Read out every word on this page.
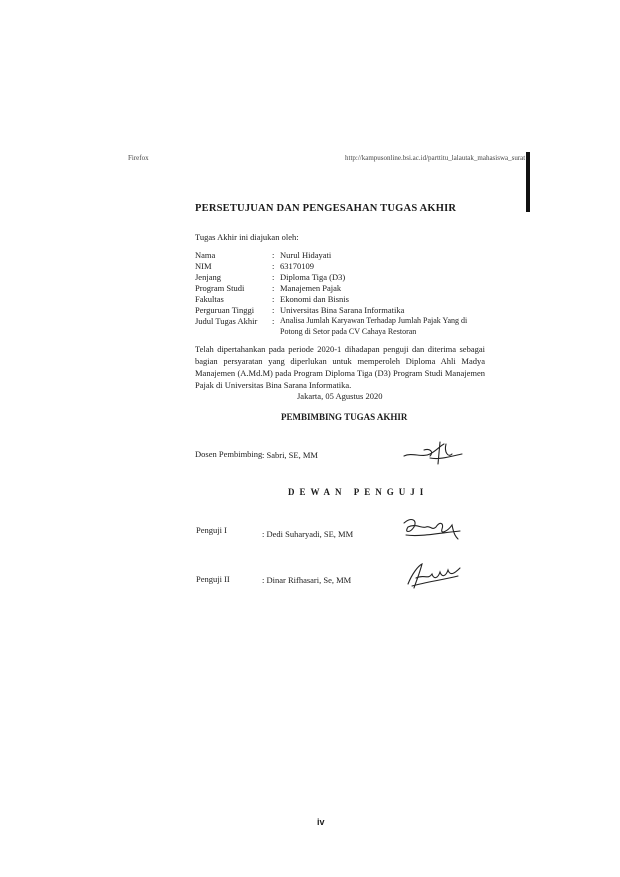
Firefox	http://kampusonline.bsi.ac.id/parttitu_lalautak_mahasiswa_surat
PERSETUJUAN DAN PENGESAHAN TUGAS AKHIR
Tugas Akhir ini diajukan oleh:
Nama	: Nurul Hidayati
NIM	: 63170109
Jenjang	: Diploma Tiga (D3)
Program Studi	: Manajemen Pajak
Fakultas	: Ekonomi dan Bisnis
Perguruan Tinggi : Universitas Bina Sarana Informatika
Judul Tugas Akhir : Analisa Jumlah Karyawan Terhadap Jumlah Pajak Yang di
Potong di Setor pada CV Cahaya Restoran
Telah dipertahankan pada periode 2020-1 dihadapan penguji dan diterima sebagai bagian persyaratan yang diperlukan untuk memperoleh Diploma Ahli Madya Manajemen (A.Md.M) pada Program Diploma Tiga (D3) Program Studi Manajemen Pajak di Universitas Bina Sarana Informatika.
Jakarta, 05 Agustus 2020
PEMBIMBING TUGAS AKHIR
Dosen Pembimbing : Sabri, SE, MM
DEWAN PENGUJI
Penguji I	: Dedi Suharyadi, SE, MM
Penguji II	: Dinar Rifhasari, Se, MM
iv
